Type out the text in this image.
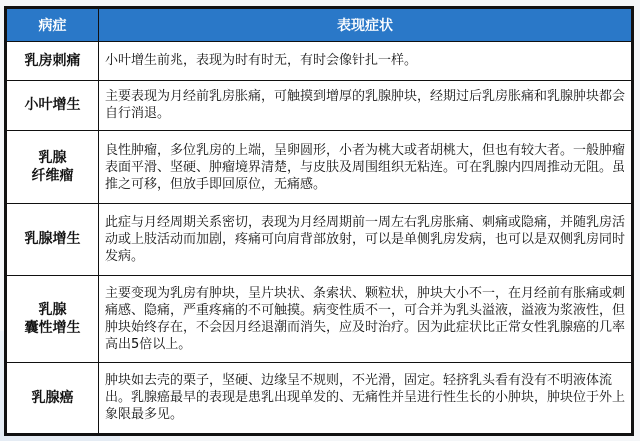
病症	表现症状

乳房刺痛	小叶增生前兆，表现为时有时无，有时会像针扎一样。

小叶增生	主要表现为月经前乳房胀痛，可触摸到增厚的乳腺肿块，经期过后乳房胀痛和乳腺肿块都会自行消退。

乳腺
纤维瘤	良性肿瘤，多位乳房的上端，呈卵圆形，小者为桃大或者胡桃大，但也有较大者。一般肿瘤表面平滑、坚硬、肿瘤境界清楚，与皮肤及周围组织无粘连。可在乳腺内四周推动无阻。虽推之可移，但放手即回原位，无痛感。

乳腺增生	此症与月经周期关系密切，表现为月经周期前一周左右乳房胀痛、刺痛或隐痛，并随乳房活动或上肢活动而加剧，疼痛可向肩背部放射，可以是单侧乳房发病，也可以是双侧乳房同时发病。

乳腺
囊性增生	主要变现为乳房有肿块，呈片块状、条索状、颗粒状，肿块大小不一，在月经前有胀痛或刺痛感、隐痛，严重疼痛的不可触摸。病变性质不一，可合并为乳头溢液，溢液为浆液性，但肿块始终存在，不会因月经退潮而消失，应及时治疗。因为此症状比正常女性乳腺癌的几率高出5倍以上。

乳腺癌	肿块如去壳的栗子，坚硬、边缘呈不规则，不光滑，固定。轻挤乳头看有没有不明液体流出。乳腺癌最早的表现是患乳出现单发的、无痛性并呈进行性生长的小肿块，肿块位于外上象限最多见。
